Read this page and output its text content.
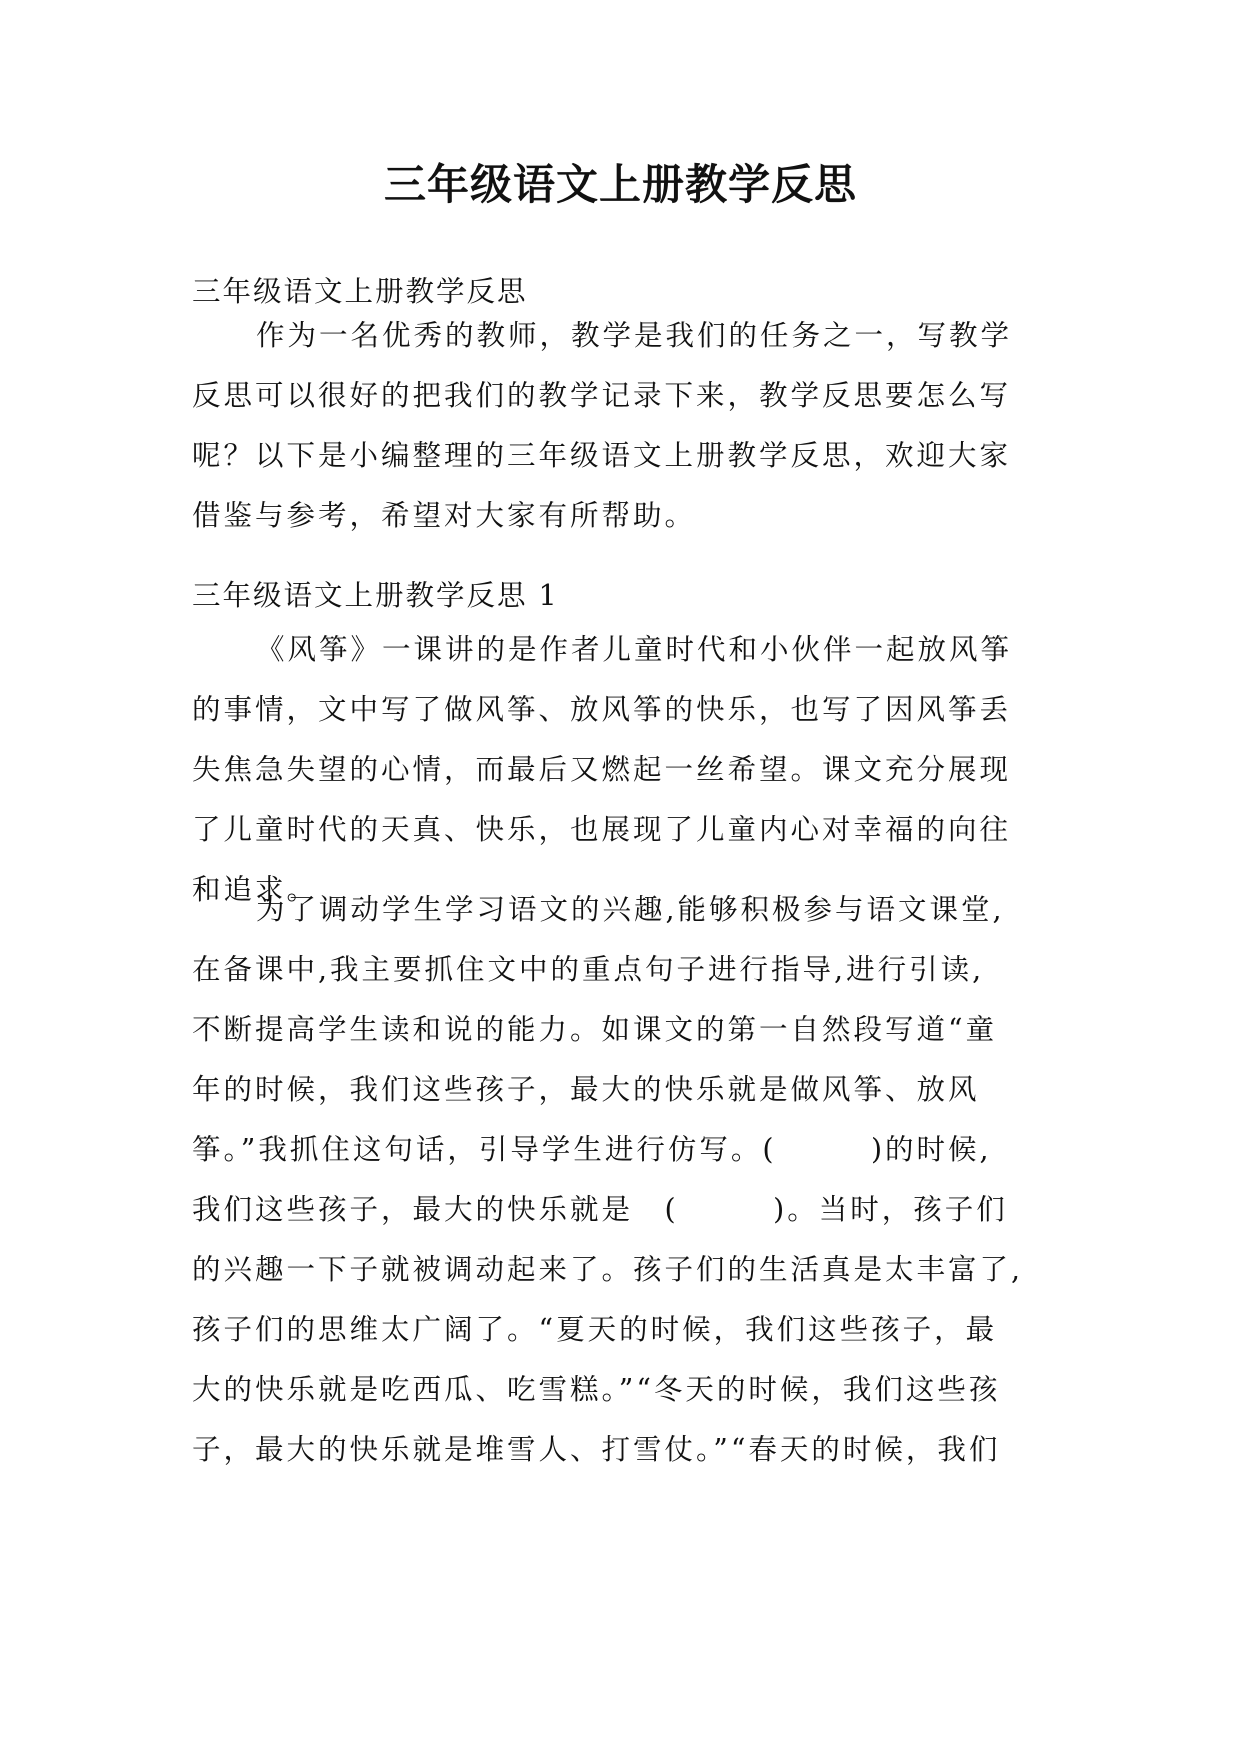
三年级语文上册教学反思

三年级语文上册教学反思

作为一名优秀的教师，教学是我们的任务之一，写教学
反思可以很好的把我们的教学记录下来，教学反思要怎么写
呢？以下是小编整理的三年级语文上册教学反思，欢迎大家
借鉴与参考，希望对大家有所帮助。

三年级语文上册教学反思 1

《风筝》一课讲的是作者儿童时代和小伙伴一起放风筝
的事情，文中写了做风筝、放风筝的快乐，也写了因风筝丢
失焦急失望的心情，而最后又燃起一丝希望。课文充分展现
了儿童时代的天真、快乐，也展现了儿童内心对幸福的向往
和追求。
为了调动学生学习语文的兴趣,能够积极参与语文课堂,
在备课中,我主要抓住文中的重点句子进行指导,进行引读,
不断提高学生读和说的能力。如课文的第一自然段写道“童
年的时候，我们这些孩子，最大的快乐就是做风筝、放风
筝。”我抓住这句话，引导学生进行仿写。(　　　)的时候,
我们这些孩子，最大的快乐就是　(　　　)。当时，孩子们
的兴趣一下子就被调动起来了。孩子们的生活真是太丰富了,
孩子们的思维太广阔了。“夏天的时候，我们这些孩子，最
大的快乐就是吃西瓜、吃雪糕。”“冬天的时候，我们这些孩
子，最大的快乐就是堆雪人、打雪仗。”“春天的时候，我们
